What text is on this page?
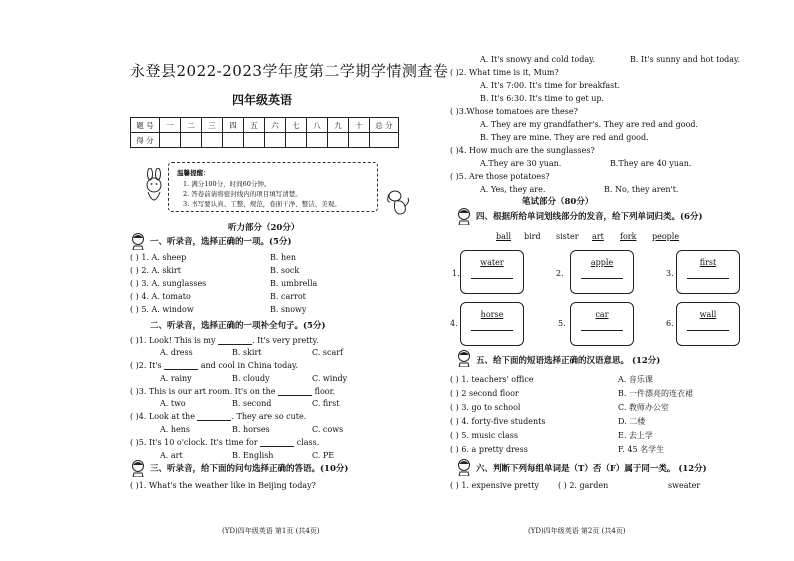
永登县2022-2023学年度第二学期学情测查卷
四年级英语
题 号	一	二	三	四	五	六	七	八	九	十	总 分
得 分											
温馨提醒：
1. 满分100分，时间60分钟。
2. 答卷前请将密封线内的项目填写清楚。
3. 书写要认真、工整，规范，卷面干净、整洁、美观。
听力部分（20分）
一、听录音，选择正确的一项。(5分)
( ) 1. A. sheep	B. hen
( ) 2. A. skirt	B. sock
( ) 3. A. sunglasses	B. umbrella
( ) 4. A. tomato	B. carrot
( ) 5. A. window	B. snowy
二、听录音，选择正确的一项补全句子。(5分)
( )1. Look! This is my	. It's very pretty.
A. dress	B. skirt	C. scarf
( )2. It's	and cool in China today.
A. rainy	B. cloudy	C. windy
( )3. This is our art room. It's on the	floor.
A. two	B. second	C. first
( )4. Look at the	. They are so cute.
A. hens	B. horses	C. cows
( )5. It's 10 o'clock. It's time for	class.
A. art	B. English	C. PE
三、听录音，给下面的问句选择正确的答语。(10分)
( )1. What's the weather like in Beijing today?
(YD)四年级英语 第1页 (共4页)
A. It's snowy and cold today.	B. It's sunny and hot today.
( )2. What time is it, Mum?
A. It's 7:00. It's time for breakfast.
B. It's 6:30. It's time to get up.
( )3.Whose tomatoes are these?
A. They are my grandfather's. They are red and good.
B. They are mine. They are red and good.
( )4. How much are the sunglasses?
A.They are 30 yuan.	B.They are 40 yuan.
( )5. Are those potatoes?
A. Yes, they are.	B. No, they aren't.
笔试部分（80分）
四、根据所给单词划线部分的发音，给下列单词归类。(6分)
ball bird sister art fork people
1.
water
2.
apple
3.
first
4.
horse
5.
car
6.
wall
五、给下面的短语选择正确的汉语意思。 (12分)
( ) 1. teachers' office	A. 音乐课
( ) 2 second floor	B. 一件漂亮的连衣裙
( ) 3. go to school	C. 教师办公室
( ) 4. forty-five students	D. 二楼
( ) 5. music class	E. 去上学
( ) 6. a pretty dress	F. 45 名学生
六、判断下列每组单词是（T）否（F）属于同一类。 (12分)
( ) 1. expensive pretty ( ) 2. garden	sweater
(YD)四年级英语 第2页 (共4页)
